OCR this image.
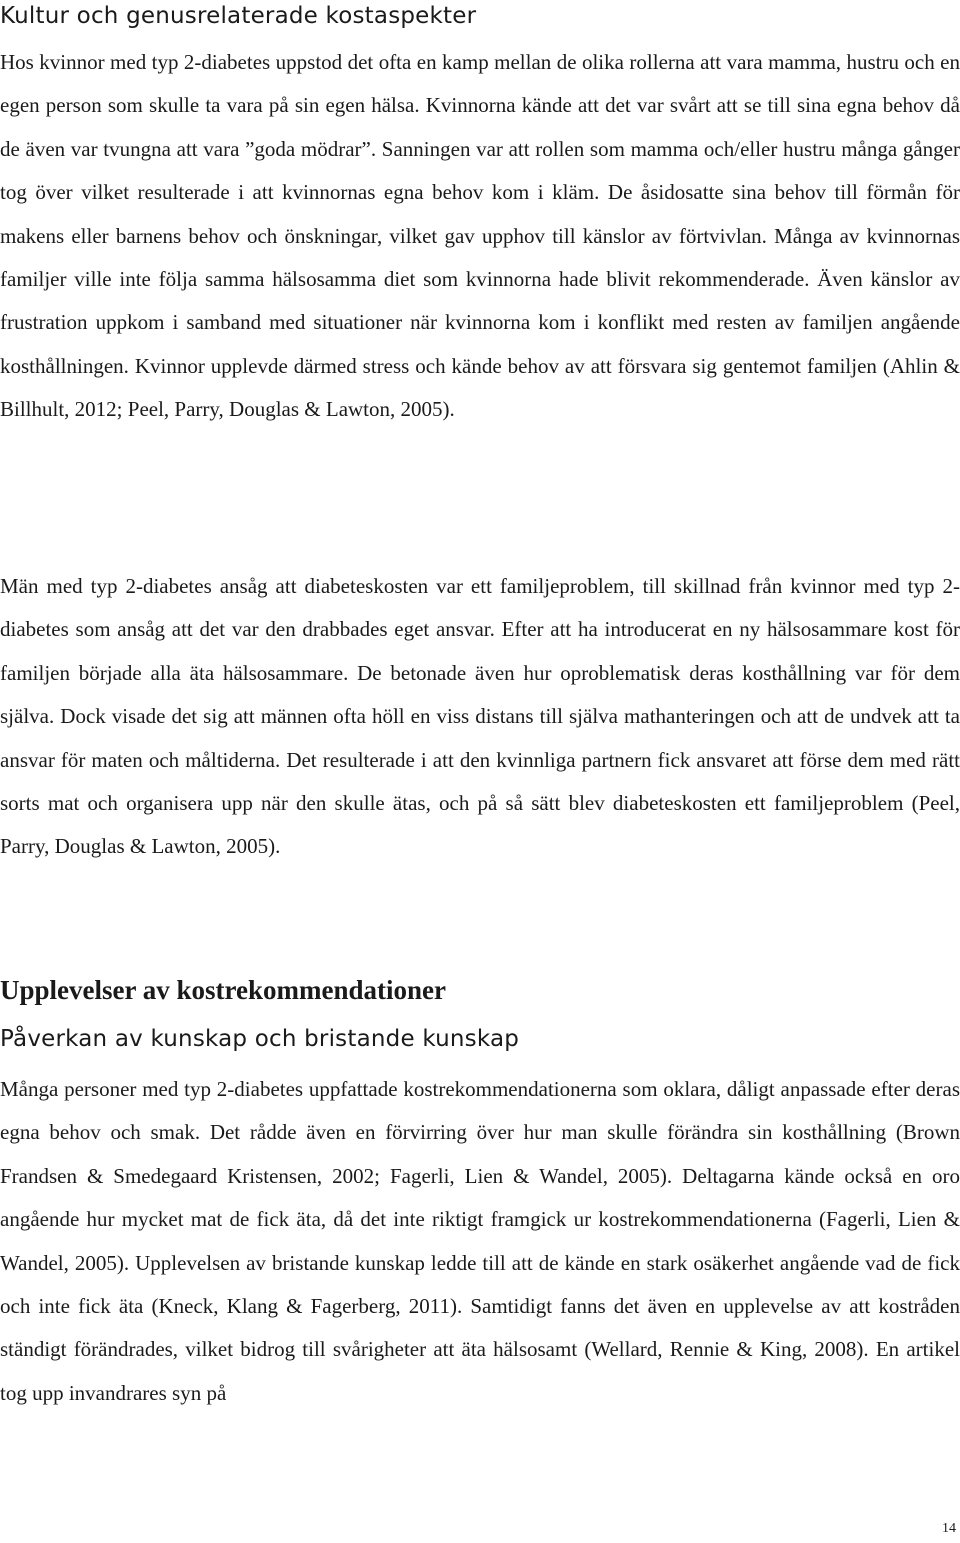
Kultur och genusrelaterade kostaspekter

Hos kvinnor med typ 2-diabetes uppstod det ofta en kamp mellan de olika rollerna att vara mamma, hustru och en egen person som skulle ta vara på sin egen hälsa. Kvinnorna kände att det var svårt att se till sina egna behov då de även var tvungna att vara ”goda mödrar”. Sanningen var att rollen som mamma och/eller hustru många gånger tog över vilket resulterade i att kvinnornas egna behov kom i kläm. De åsidosatte sina behov till förmån för makens eller barnens behov och önskningar, vilket gav upphov till känslor av förtvivlan. Många av kvinnornas familjer ville inte följa samma hälsosamma diet som kvinnorna hade blivit rekommenderade. Även känslor av frustration uppkom i samband med situationer när kvinnorna kom i konflikt med resten av familjen angående kosthållningen. Kvinnor upplevde därmed stress och kände behov av att försvara sig gentemot familjen (Ahlin & Billhult, 2012; Peel, Parry, Douglas & Lawton, 2005).

Män med typ 2-diabetes ansåg att diabeteskosten var ett familjeproblem, till skillnad från kvinnor med typ 2-diabetes som ansåg att det var den drabbades eget ansvar. Efter att ha introducerat en ny hälsosammare kost för familjen började alla äta hälsosammare. De betonade även hur oproblematisk deras kosthållning var för dem själva. Dock visade det sig att männen ofta höll en viss distans till själva mathanteringen och att de undvek att ta ansvar för maten och måltiderna. Det resulterade i att den kvinnliga partnern fick ansvaret att förse dem med rätt sorts mat och organisera upp när den skulle ätas, och på så sätt blev diabeteskosten ett familjeproblem (Peel, Parry, Douglas & Lawton, 2005).

Upplevelser av kostrekommendationer
Påverkan av kunskap och bristande kunskap

Många personer med typ 2-diabetes uppfattade kostrekommendationerna som oklara, dåligt anpassade efter deras egna behov och smak. Det rådde även en förvirring över hur man skulle förändra sin kosthållning (Brown Frandsen & Smedegaard Kristensen, 2002; Fagerli, Lien & Wandel, 2005). Deltagarna kände också en oro angående hur mycket mat de fick äta, då det inte riktigt framgick ur kostrekommendationerna (Fagerli, Lien & Wandel, 2005). Upplevelsen av bristande kunskap ledde till att de kände en stark osäkerhet angående vad de fick och inte fick äta (Kneck, Klang & Fagerberg, 2011). Samtidigt fanns det även en upplevelse av att kostråden ständigt förändrades, vilket bidrog till svårigheter att äta hälsosamt (Wellard, Rennie & King, 2008). En artikel tog upp invandrares syn på

14
